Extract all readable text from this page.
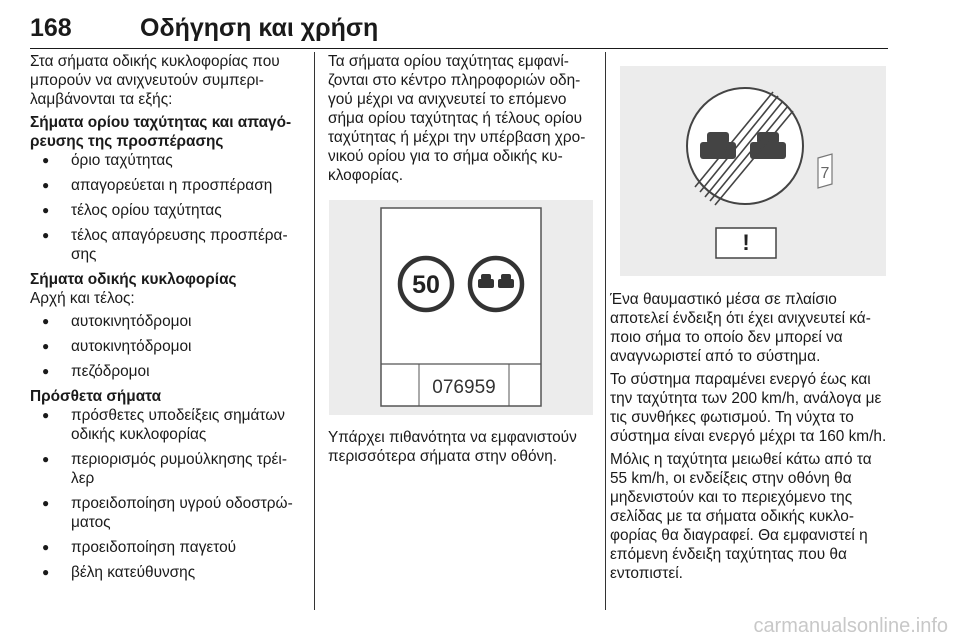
168	Οδήγηση και χρήση

Στα σήματα οδικής κυκλοφορίας που μπορούν να ανιχνευτούν συμπεριλαμβάνονται τα εξής:

Σήματα ορίου ταχύτητας και απαγόρευσης της προσπέρασης

● όριο ταχύτητας
● απαγορεύεται η προσπέραση
● τέλος ορίου ταχύτητας
● τέλος απαγόρευσης προσπέρασης

Σήματα οδικής κυκλοφορίας

Αρχή και τέλος:

● αυτοκινητόδρομοι
● αυτοκινητόδρομοι
● πεζόδρομοι

Πρόσθετα σήματα

● πρόσθετες υποδείξεις σημάτων οδικής κυκλοφορίας
● περιορισμός ρυμούλκησης τρέιλερ
● προειδοποίηση υγρού οδοστρώματος
● προειδοποίηση παγετού
● βέλη κατεύθυνσης

Τα σήματα ορίου ταχύτητας εμφανίζονται στο κέντρο πληροφοριών οδηγού μέχρι να ανιχνευτεί το επόμενο σήμα ορίου ταχύτητας ή τέλους ορίου ταχύτητας ή μέχρι την υπέρβαση χρονικού ορίου για το σήμα οδικής κυκλοφορίας.

50
076959
Υπάρχει πιθανότητα να εμφανιστούν περισσότερα σήματα στην οθόνη.
7
!

Ένα θαυμαστικό μέσα σε πλαίσιο αποτελεί ένδειξη ότι έχει ανιχνευτεί κάποιο σήμα το οποίο δεν μπορεί να αναγνωριστεί από το σύστημα.

Το σύστημα παραμένει ενεργό έως και την ταχύτητα των 200 km/h, ανάλογα με τις συνθήκες φωτισμού. Τη νύχτα το σύστημα είναι ενεργό μέχρι τα 160 km/h.

Μόλις η ταχύτητα μειωθεί κάτω από τα 55 km/h, οι ενδείξεις στην οθόνη θα μηδενιστούν και το περιεχόμενο της σελίδας με τα σήματα οδικής κυκλοφορίας θα διαγραφεί. Θα εμφανιστεί η επόμενη ένδειξη ταχύτητας που θα εντοπιστεί.

carmanualsonline.info
